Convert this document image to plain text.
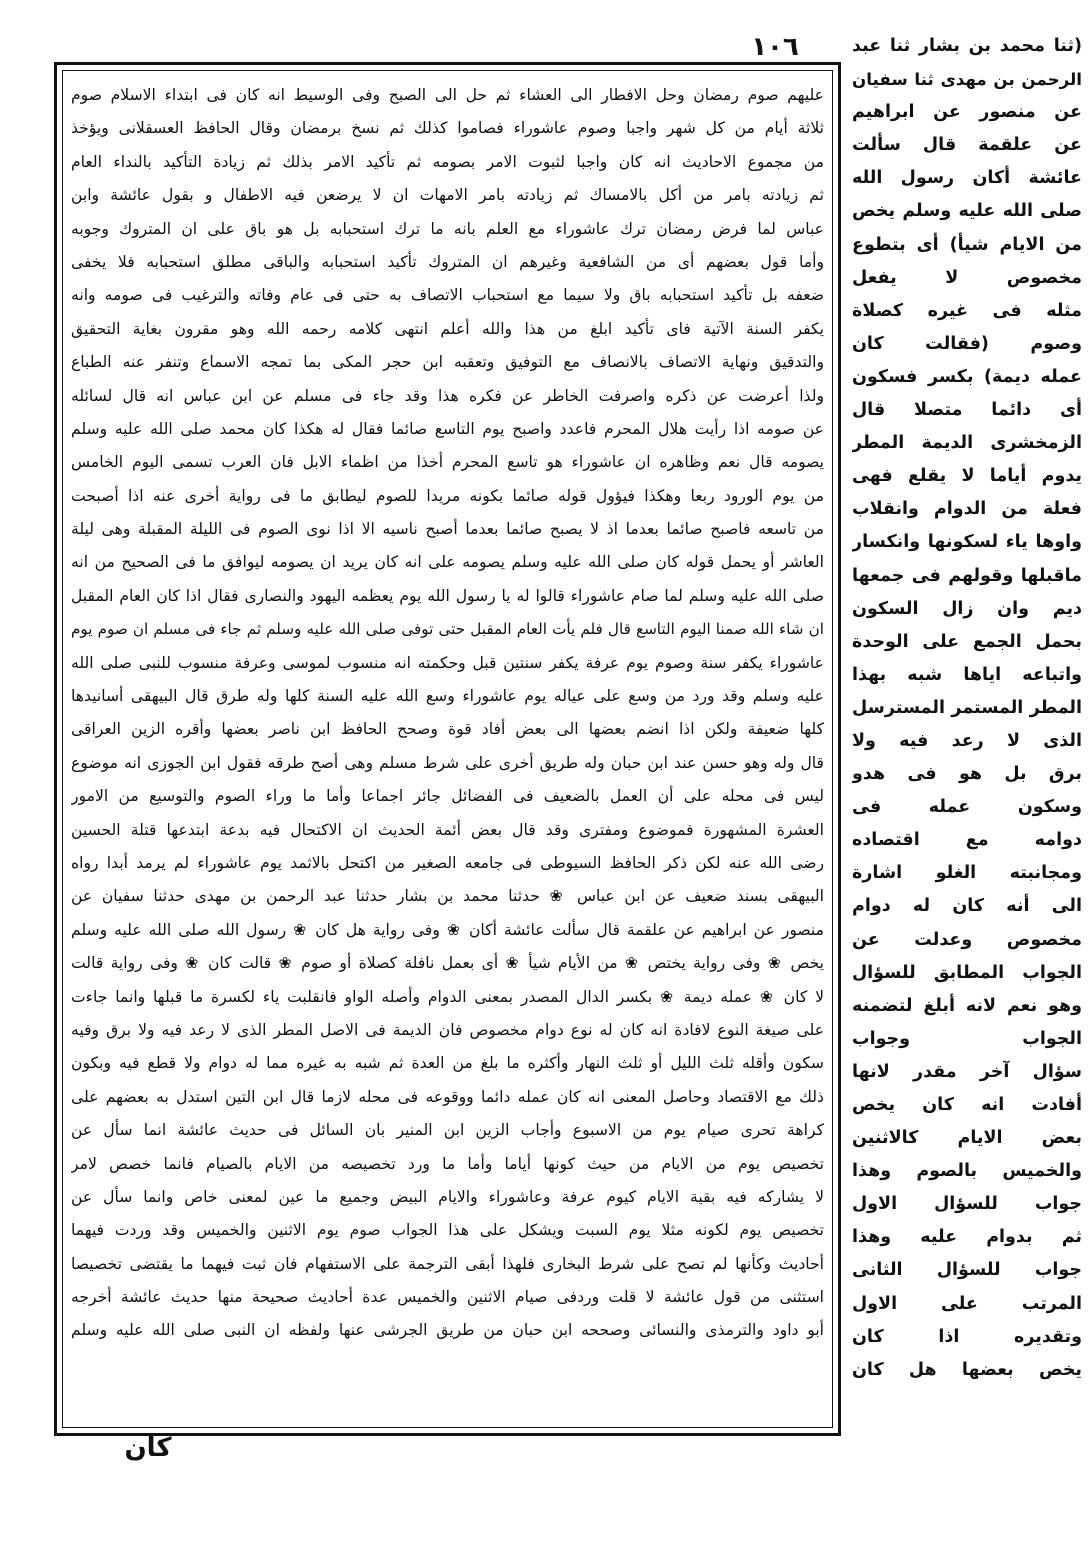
١٠٦	(ثنا محمد بن بشار ثنا عبد
الرحمن بن مهدى ثنا سفيان
عن منصور عن ابراهيم
عن علقمة قال سألت
عائشة أكان رسول الله
صلى الله عليه وسلم يخص
من الايام شيأ) أى بتطوع
مخصوص لا يفعل
مثله فى غيره كصلاة
وصوم (فقالت كان
عمله ديمة) بكسر فسكون
أى دائما متصلا قال
الزمخشرى الديمة المطر
يدوم أياما لا يقلع فهى
فعلة من الدوام وانقلاب
واوها ياء لسكونها وانكسار
ماقبلها وقولهم فى جمعها
ديم وان زال السكون
بحمل الجمع على الوحدة
واتباعه اياها شبه بهذا
المطر المستمر المسترسل
الذى لا رعد فيه ولا
برق بل هو فى هدو
وسكون عمله فى
دوامه مع اقتصاده
ومجانبته الغلو اشارة
الى أنه كان له دوام
مخصوص وعدلت عن
الجواب المطابق للسؤال
وهو نعم لانه أبلغ لتضمنه
الجواب وجواب
سؤال آخر مقدر لانها
أفادت انه كان يخص
بعض الايام كالاثنين
والخميس بالصوم وهذا
جواب للسؤال الاول
ثم بدوام عليه وهذا
جواب للسؤال الثانى
المرتب على الاول
وتقديره اذا كان
يخص بعضها هل كان
عليهم صوم رمضان وحل الافطار الى العشاء ثم حل الى الصبح وفى الوسيط انه كان فى ابتداء الاسلام صوم
ثلاثة أيام من كل شهر واجبا وصوم عاشوراء فصاموا كذلك ثم نسخ برمضان وقال الحافظ العسقلانى ويؤخذ
من مجموع الاحاديث انه كان واجبا لثبوت الامر بصومه ثم تأكيد الامر بذلك ثم زيادة التأكيد بالنداء العام
ثم زيادته بامر من أكل بالامساك ثم زيادته بامر الامهات ان لا يرضعن فيه الاطفال و بقول عائشة وابن
عباس لما فرض رمضان ترك عاشوراء مع العلم بانه ما ترك استحبابه بل هو باق على ان المتروك وجوبه
وأما قول بعضهم أى من الشافعية وغيرهم ان المتروك تأكيد استحبابه والباقى مطلق استحبابه فلا يخفى
ضعفه بل تأكيد استحبابه باق ولا سيما مع استحباب الاتصاف به حتى فى عام وفاته والترغيب فى صومه وانه
يكفر السنة الآتية فاى تأكيد ابلغ من هذا والله أعلم انتهى كلامه رحمه الله وهو مقرون بغاية التحقيق
والتدقيق ونهاية الاتصاف بالانصاف مع التوفيق وتعقبه ابن حجر المكى بما تمجه الاسماع وتنفر عنه الطباع
ولذا أعرضت عن ذكره واصرفت الخاطر عن فكره هذا وقد جاء فى مسلم عن ابن عباس انه قال لسائله
عن صومه اذا رأيت هلال المحرم فاعدد واصبح يوم التاسع صائما فقال له هكذا كان محمد صلى الله عليه وسلم
يصومه قال نعم وظاهره ان عاشوراء هو تاسع المحرم أخذا من اظماء الابل فان العرب تسمى اليوم الخامس
من يوم الورود ربعا وهكذا فيؤول قوله صائما بكونه مريدا للصوم ليطابق ما فى رواية أخرى عنه اذا أصبحت
من تاسعه فاصبح صائما بعدما اذ لا يصبح صائما بعدما أصبح ناسيه الا اذا نوى الصوم فى الليلة المقبلة وهى ليلة
العاشر أو يحمل قوله كان صلى الله عليه وسلم يصومه على انه كان يريد ان يصومه ليوافق ما فى الصحيح من انه
صلى الله عليه وسلم لما صام عاشوراء قالوا له يا رسول الله يوم يعظمه اليهود والنصارى فقال اذا كان العام المقبل
ان شاء الله صمنا اليوم التاسع قال فلم يأت العام المقبل حتى توفى صلى الله عليه وسلم ثم جاء فى مسلم ان صوم يوم
عاشوراء يكفر سنة وصوم يوم عرفة يكفر سنتين قبل وحكمته انه منسوب لموسى وعرفة منسوب للنبى صلى الله
عليه وسلم وقد ورد من وسع على عياله يوم عاشوراء وسع الله عليه السنة كلها وله طرق قال البيهقى أسانيدها
كلها ضعيفة ولكن اذا انضم بعضها الى بعض أفاد قوة وصحح الحافظ ابن ناصر بعضها وأقره الزين العراقى
قال وله وهو حسن عند ابن حبان وله طريق أخرى على شرط مسلم وهى أصح طرقه فقول ابن الجوزى انه موضوع
ليس فى محله على أن العمل بالضعيف فى الفضائل جائر اجماعا وأما ما وراء الصوم والتوسيع من الامور
العشرة المشهورة فموضوع ومفترى وقد قال بعض أئمة الحديث ان الاكتحال فيه بدعة ابتدعها قتلة الحسين
رضى الله عنه لكن ذكر الحافظ السيوطى فى جامعه الصغير من اكتحل بالاثمد يوم عاشوراء لم يرمد أبدا رواه
البيهقى بسند ضعيف عن ابن عباس ❀ حدثنا محمد بن بشار حدثنا عبد الرحمن بن مهدى حدثنا سفيان عن
منصور عن ابراهيم عن علقمة قال سألت عائشة أكان ❀ وفى رواية هل كان ❀ رسول الله صلى الله عليه وسلم
يخص ❀ وفى رواية يختص ❀ من الأيام شيأ ❀ أى بعمل نافلة كصلاة أو صوم ❀ قالت كان ❀ وفى رواية قالت
لا كان ❀ عمله ديمة ❀ بكسر الدال المصدر بمعنى الدوام وأصله الواو فانقلبت ياء لكسرة ما قبلها وانما جاءت
على صيغة النوع لافادة انه كان له نوع دوام مخصوص فان الديمة فى الاصل المطر الذى لا رعد فيه ولا برق وفيه
سكون وأقله ثلث الليل أو ثلث النهار وأكثره ما بلغ من العدة ثم شبه به غيره مما له دوام ولا قطع فيه وبكون
ذلك مع الاقتصاد وحاصل المعنى انه كان عمله دائما ووقوعه فى محله لازما قال ابن التين استدل به بعضهم على
كراهة تحرى صيام يوم من الاسبوع وأجاب الزين ابن المنير بان السائل فى حديث عائشة انما سأل عن
تخصيص يوم من الايام من حيث كونها أياما وأما ما ورد تخصيصه من الايام بالصيام فانما خصص لامر
لا يشاركه فيه بقية الايام كيوم عرفة وعاشوراء والايام البيض وجميع ما عين لمعنى خاص وانما سأل عن
تخصيص يوم لكونه مثلا يوم السبت ويشكل على هذا الجواب صوم يوم الاثنين والخميس وقد وردت فيهما
أحاديث وكأنها لم تصح على شرط البخارى فلهذا أبقى الترجمة على الاستفهام فان ثبت فيهما ما يقتضى تخصيصا
استثنى من قول عائشة لا قلت وردفى صيام الاثنين والخميس عدة أحاديث صحيحة منها حديث عائشة أخرجه
أبو داود والترمذى والنسائى وصححه ابن حبان من طريق الجرشى عنها ولفظه ان النبى صلى الله عليه وسلم
كان
